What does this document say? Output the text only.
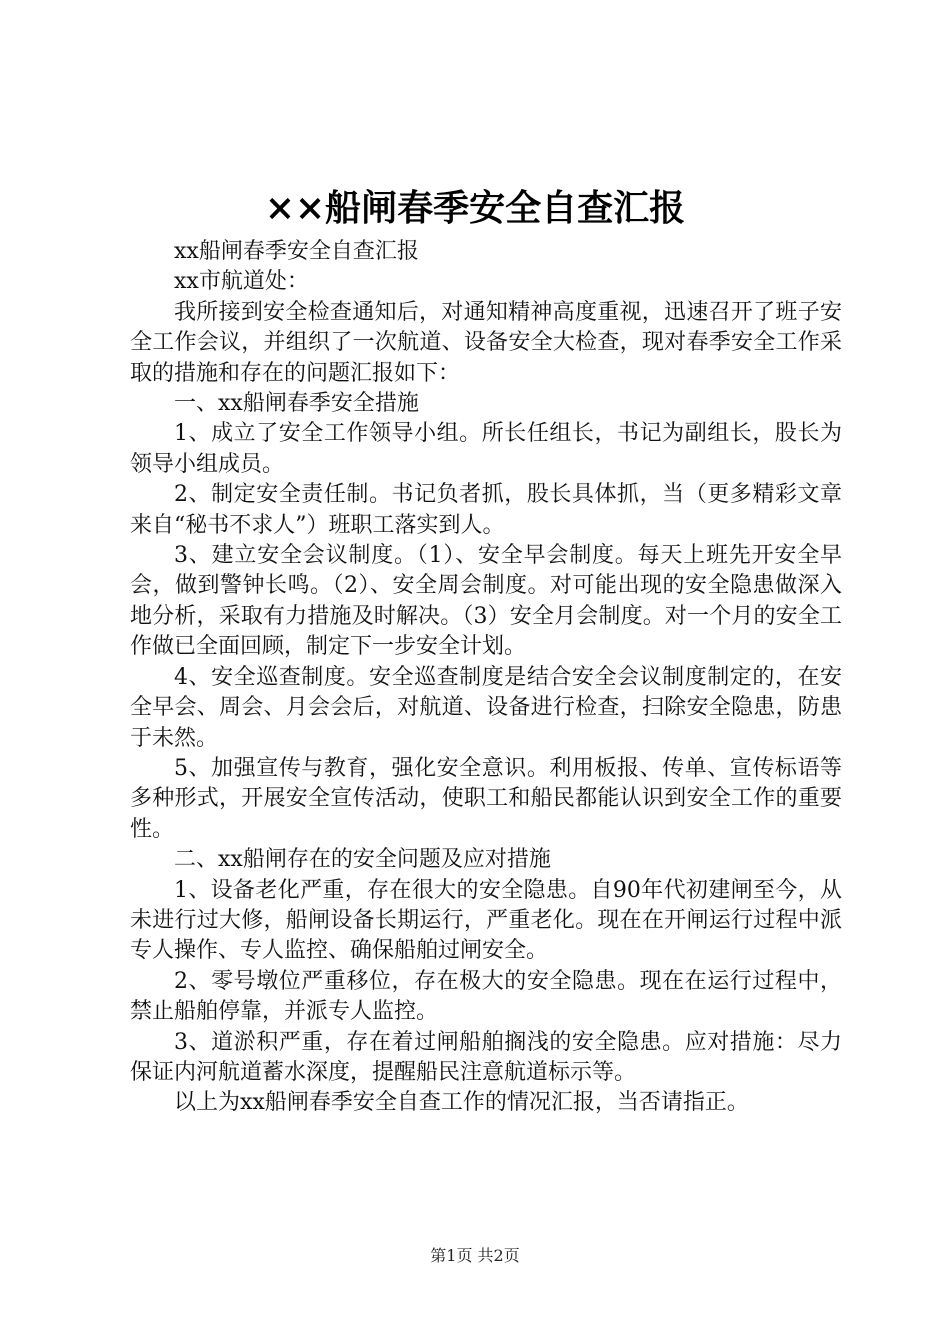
××船闸春季安全自查汇报

xx船闸春季安全自查汇报

xx市航道处：

我所接到安全检查通知后，对通知精神高度重视，迅速召开了班子安全工作会议，并组织了一次航道、设备安全大检查，现对春季安全工作采取的措施和存在的问题汇报如下：

一、xx船闸春季安全措施

1、成立了安全工作领导小组。所长任组长，书记为副组长，股长为领导小组成员。

2、制定安全责任制。书记负者抓，股长具体抓，当（更多精彩文章来自“秘书不求人”）班职工落实到人。

3、建立安全会议制度。（1）、安全早会制度。每天上班先开安全早会，做到警钟长鸣。（2）、安全周会制度。对可能出现的安全隐患做深入地分析，采取有力措施及时解决。（3）安全月会制度。对一个月的安全工作做已全面回顾，制定下一步安全计划。

4、安全巡查制度。安全巡查制度是结合安全会议制度制定的，在安全早会、周会、月会会后，对航道、设备进行检查，扫除安全隐患，防患于未然。

5、加强宣传与教育，强化安全意识。利用板报、传单、宣传标语等多种形式，开展安全宣传活动，使职工和船民都能认识到安全工作的重要性。

二、xx船闸存在的安全问题及应对措施

1、设备老化严重，存在很大的安全隐患。自90年代初建闸至今，从未进行过大修，船闸设备长期运行，严重老化。现在在开闸运行过程中派专人操作、专人监控、确保船舶过闸安全。

2、零号墩位严重移位，存在极大的安全隐患。现在在运行过程中，禁止船舶停靠，并派专人监控。

3、道淤积严重，存在着过闸船舶搁浅的安全隐患。应对措施：尽力保证内河航道蓄水深度，提醒船民注意航道标示等。

以上为xx船闸春季安全自查工作的情况汇报，当否请指正。

第1页 共2页
